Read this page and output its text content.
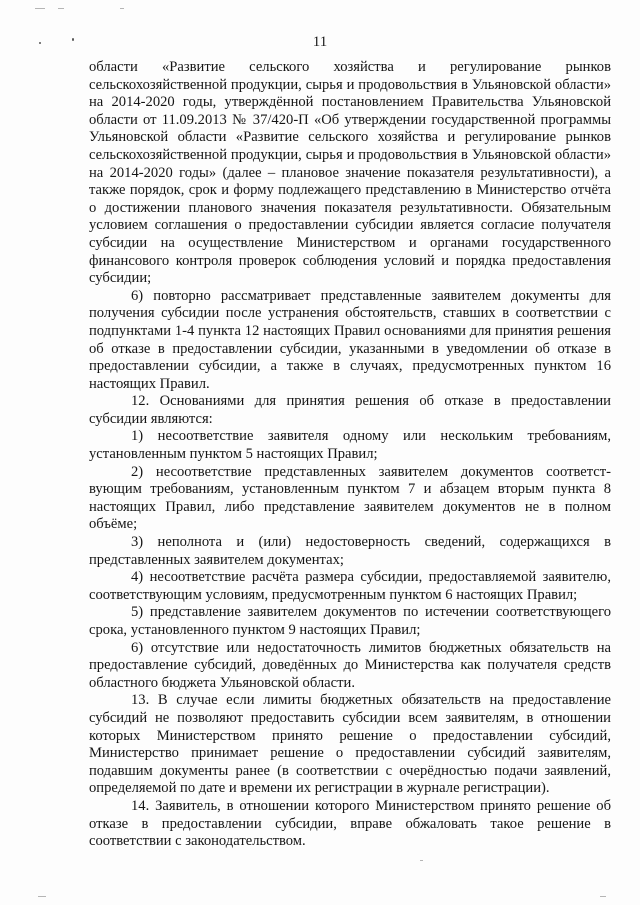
11

области «Развитие сельского хозяйства и регулирование рынков сельскохозяйственной продукции, сырья и продовольствия в Ульяновской области» на 2014-2020 годы, утверждённой постановлением Правительства Ульяновской области от 11.09.2013 № 37/420-П «Об утверждении государственной программы Ульяновской области «Развитие сельского хозяйства и регулирование рынков сельскохозяйственной продукции, сырья и продовольствия в Ульяновской области» на 2014-2020 годы» (далее – плановое значение показателя результативности), а также порядок, срок и форму подлежащего представлению в Министерство отчёта о достижении планового значения показателя результативности. Обязательным условием соглашения о предоставлении субсидии является согласие получателя субсидии на осуществление Министерством и органами государственного финансового контроля проверок соблюдения условий и порядка предоставления субсидии;

6) повторно рассматривает представленные заявителем документы для получения субсидии после устранения обстоятельств, ставших в соответствии с подпунктами 1-4 пункта 12 настоящих Правил основаниями для принятия решения об отказе в предоставлении субсидии, указанными в уведомлении об отказе в предоставлении субсидии, а также в случаях, предусмотренных пунктом 16 настоящих Правил.

12. Основаниями для принятия решения об отказе в предоставлении субсидии являются:

1) несоответствие заявителя одному или нескольким требованиям, установленным пунктом 5 настоящих Правил;

2) несоответствие представленных заявителем документов соответст-вующим требованиям, установленным пунктом 7 и абзацем вторым пункта 8 настоящих Правил, либо представление заявителем документов не в полном объёме;

3) неполнота и (или) недостоверность сведений, содержащихся в представленных заявителем документах;

4) несоответствие расчёта размера субсидии, предоставляемой заявителю, соответствующим условиям, предусмотренным пунктом 6 настоящих Правил;

5) представление заявителем документов по истечении соответствующего срока, установленного пунктом 9 настоящих Правил;

6) отсутствие или недостаточность лимитов бюджетных обязательств на предоставление субсидий, доведённых до Министерства как получателя средств областного бюджета Ульяновской области.

13. В случае если лимиты бюджетных обязательств на предоставление субсидий не позволяют предоставить субсидии всем заявителям, в отношении которых Министерством принято решение о предоставлении субсидий, Министерство принимает решение о предоставлении субсидий заявителям, подавшим документы ранее (в соответствии с очерёдностью подачи заявлений, определяемой по дате и времени их регистрации в журнале регистрации).

14. Заявитель, в отношении которого Министерством принято решение об отказе в предоставлении субсидии, вправе обжаловать такое решение в соответствии с законодательством.
